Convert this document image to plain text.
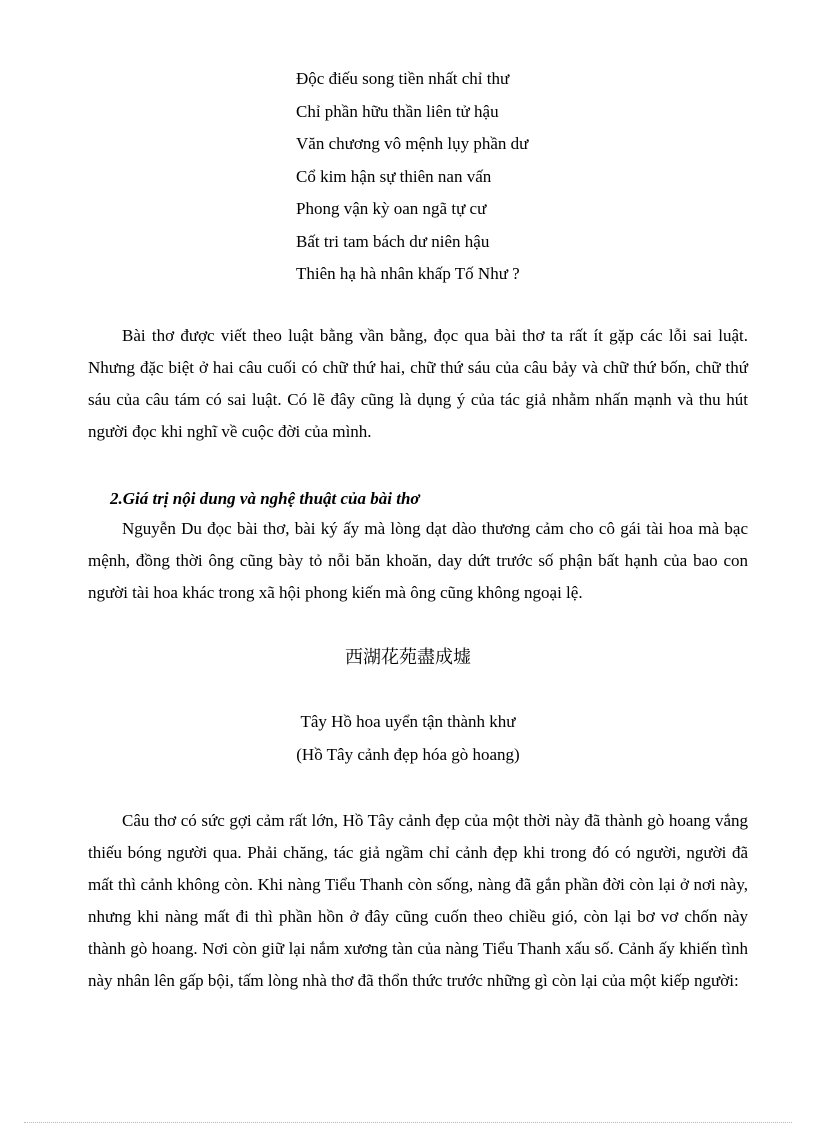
Độc điếu song tiền nhất chỉ thư
Chỉ phần hữu thần liên tử hậu
Văn chương vô mệnh lụy phần dư
Cổ kim hận sự thiên nan vấn
Phong vận kỳ oan ngã tự cư
Bất tri tam bách dư niên hậu
Thiên hạ hà nhân khấp Tố Như ?

Bài thơ được viết theo luật bằng vần bằng, đọc qua bài thơ ta rất ít gặp các lỗi sai luật. Nhưng đặc biệt ở hai câu cuối có chữ thứ hai, chữ thứ sáu của câu bảy và chữ thứ bốn, chữ thứ sáu của câu tám có sai luật. Có lẽ đây cũng là dụng ý của tác giả nhằm nhấn mạnh và thu hút người đọc khi nghĩ về cuộc đời của mình.

2.Giá trị nội dung và nghệ thuật của bài thơ

Nguyễn Du đọc bài thơ, bài ký ấy mà lòng dạt dào thương cảm cho cô gái tài hoa mà bạc mệnh, đồng thời ông cũng bày tỏ nỗi băn khoăn, day dứt trước số phận bất hạnh của bao con người tài hoa khác trong xã hội phong kiến mà ông cũng không ngoại lệ.

西湖花苑盡成墟
Tây Hồ hoa uyển tận thành khư
(Hồ Tây cảnh đẹp hóa gò hoang)

Câu thơ có sức gợi cảm rất lớn, Hồ Tây cảnh đẹp của một thời này đã thành gò hoang vắng thiếu bóng người qua. Phải chăng, tác giả ngầm chỉ cảnh đẹp khi trong đó có người, người đã mất thì cảnh không còn. Khi nàng Tiểu Thanh còn sống, nàng đã gắn phần đời còn lại ở nơi này, nhưng khi nàng mất đi thì phần hồn ở đây cũng cuốn theo chiều gió, còn lại bơ vơ chốn này thành gò hoang. Nơi còn giữ lại nắm xương tàn của nàng Tiểu Thanh xấu số. Cảnh ấy khiến tình này nhân lên gấp bội, tấm lòng nhà thơ đã thổn thức trước những gì còn lại của một kiếp người:
